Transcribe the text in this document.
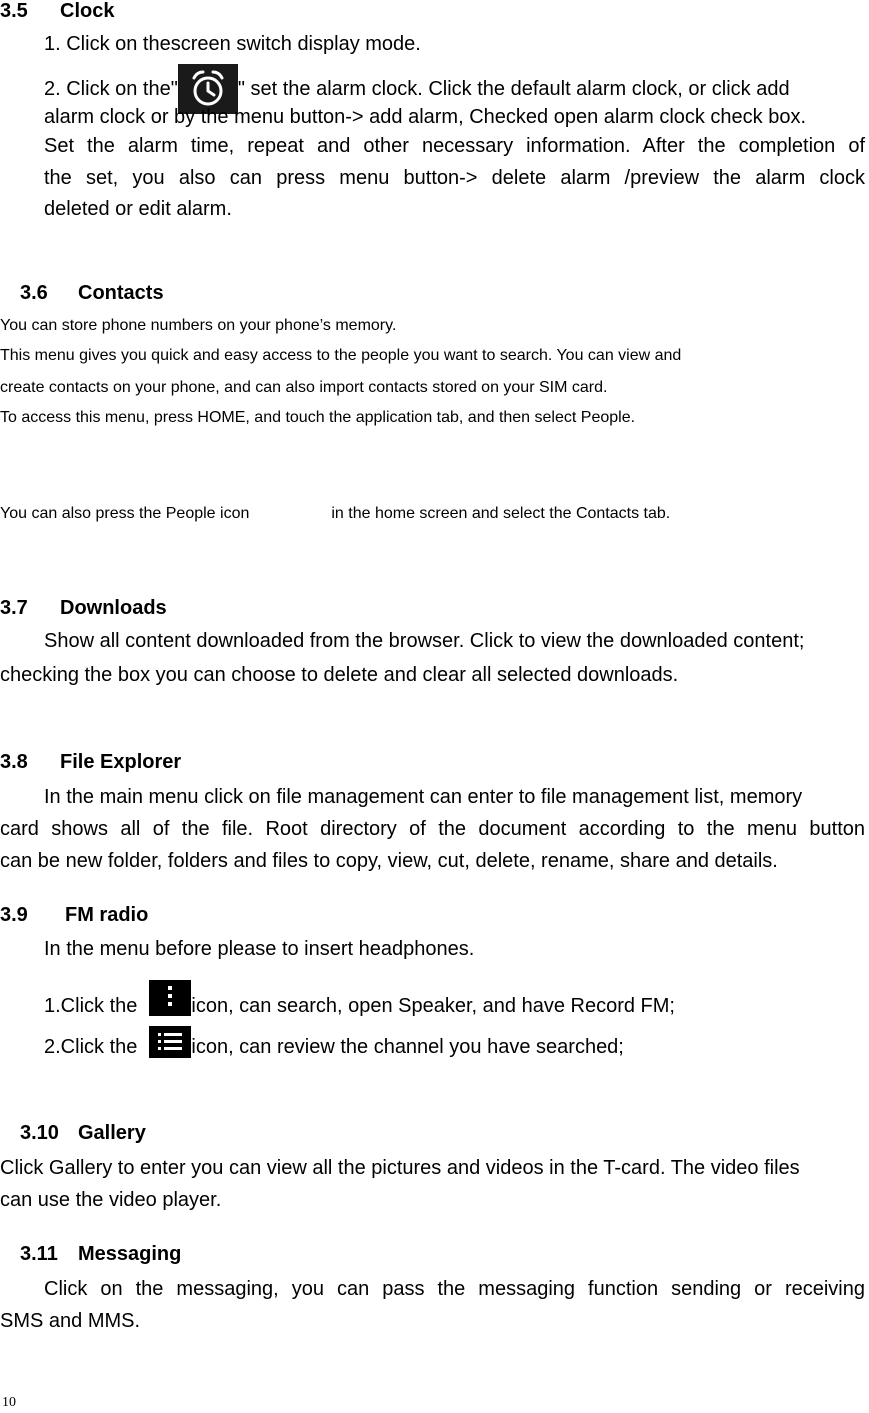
3.5 Clock
1. Click on thescreen switch display mode.
2. Click on the"	" set the alarm clock. Click the default alarm clock, or click add
alarm clock or by the menu button-> add alarm, Checked open alarm clock check box.
Set the alarm time, repeat and other necessary information. After the completion of
the set, you also can press menu button-> delete alarm /preview the alarm clock
deleted or edit alarm.
3.6 Contacts
You can store phone numbers on your phone’s memory.
This menu gives you quick and easy access to the people you want to search. You can view and
create contacts on your phone, and can also import contacts stored on your SIM card.
To access this menu, press HOME, and touch the application tab, and then select People.
You can also press the People icon	in the home screen and select the Contacts tab.
3.7 Downloads
Show all content downloaded from the browser. Click to view the downloaded content;
checking the box you can choose to delete and clear all selected downloads.
3.8 File Explorer
In the main menu click on file management can enter to file management list, memory
card shows all of the file. Root directory of the document according to the menu button
can be new folder, folders and files to copy, view, cut, delete, rename, share and details.
3.9 FM radio
In the menu before please to insert headphones.
1.Click the	icon, can search, open Speaker, and have Record FM;
2.Click the	icon, can review the channel you have searched;
3.10 Gallery
Click Gallery to enter you can view all the pictures and videos in the T-card. The video files
can use the video player.
3.11 Messaging
Click on the messaging, you can pass the messaging function sending or receiving
SMS and MMS.
10
